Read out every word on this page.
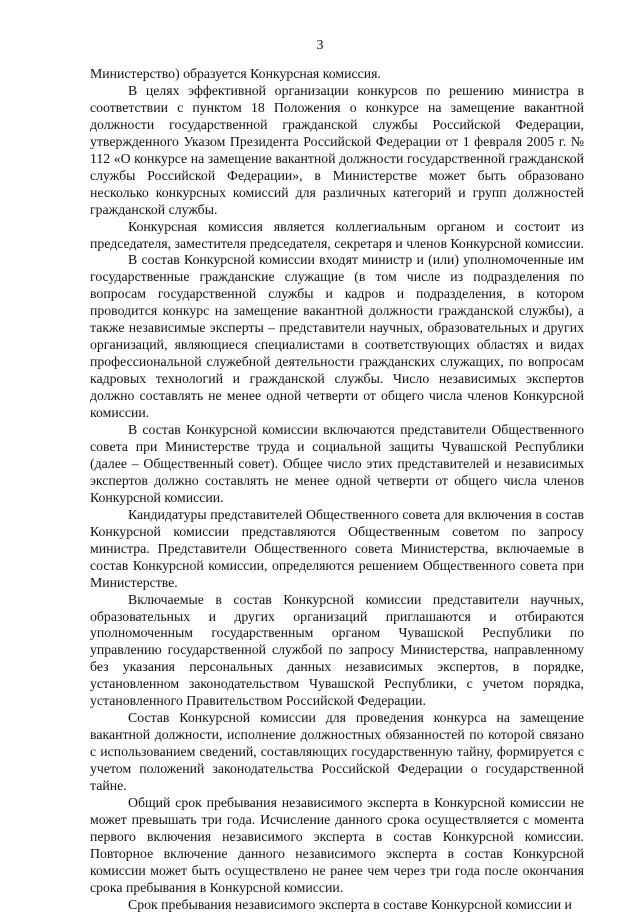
3

Министерство) образуется Конкурсная комиссия.

В целях эффективной организации конкурсов по решению министра в соответствии с пунктом 18 Положения о конкурсе на замещение вакантной должности государственной гражданской службы Российской Федерации, утвержденного Указом Президента Российской Федерации от 1 февраля 2005 г. № 112 «О конкурсе на замещение вакантной должности государственной гражданской службы Российской Федерации», в Министерстве может быть образовано несколько конкурсных комиссий для различных категорий и групп должностей гражданской службы.

Конкурсная комиссия является коллегиальным органом и состоит из председателя, заместителя председателя, секретаря и членов Конкурсной комиссии.

В состав Конкурсной комиссии входят министр и (или) уполномоченные им государственные гражданские служащие (в том числе из подразделения по вопросам государственной службы и кадров и подразделения, в котором проводится конкурс на замещение вакантной должности гражданской службы), а также независимые эксперты – представители научных, образовательных и других организаций, являющиеся специалистами в соответствующих областях и видах профессиональной служебной деятельности гражданских служащих, по вопросам кадровых технологий и гражданской службы. Число независимых экспертов должно составлять не менее одной четверти от общего числа членов Конкурсной комиссии.

В состав Конкурсной комиссии включаются представители Общественного совета при Министерстве труда и социальной защиты Чувашской Республики (далее – Общественный совет). Общее число этих представителей и независимых экспертов должно составлять не менее одной четверти от общего числа членов Конкурсной комиссии.

Кандидатуры представителей Общественного совета для включения в состав Конкурсной комиссии представляются Общественным советом по запросу министра. Представители Общественного совета Министерства, включаемые в состав Конкурсной комиссии, определяются решением Общественного совета при Министерстве.

Включаемые в состав Конкурсной комиссии представители научных, образовательных и других организаций приглашаются и отбираются уполномоченным государственным органом Чувашской Республики по управлению государственной службой по запросу Министерства, направленному без указания персональных данных независимых экспертов, в порядке, установленном законодательством Чувашской Республики, с учетом порядка, установленного Правительством Российской Федерации.

Состав Конкурсной комиссии для проведения конкурса на замещение вакантной должности, исполнение должностных обязанностей по которой связано с использованием сведений, составляющих государственную тайну, формируется с учетом положений законодательства Российской Федерации о государственной тайне.

Общий срок пребывания независимого эксперта в Конкурсной комиссии не может превышать три года. Исчисление данного срока осуществляется с момента первого включения независимого эксперта в состав Конкурсной комиссии. Повторное включение данного независимого эксперта в состав Конкурсной комиссии может быть осуществлено не ранее чем через три года после окончания срока пребывания в Конкурсной комиссии.

Срок пребывания независимого эксперта в составе Конкурсной комиссии и
